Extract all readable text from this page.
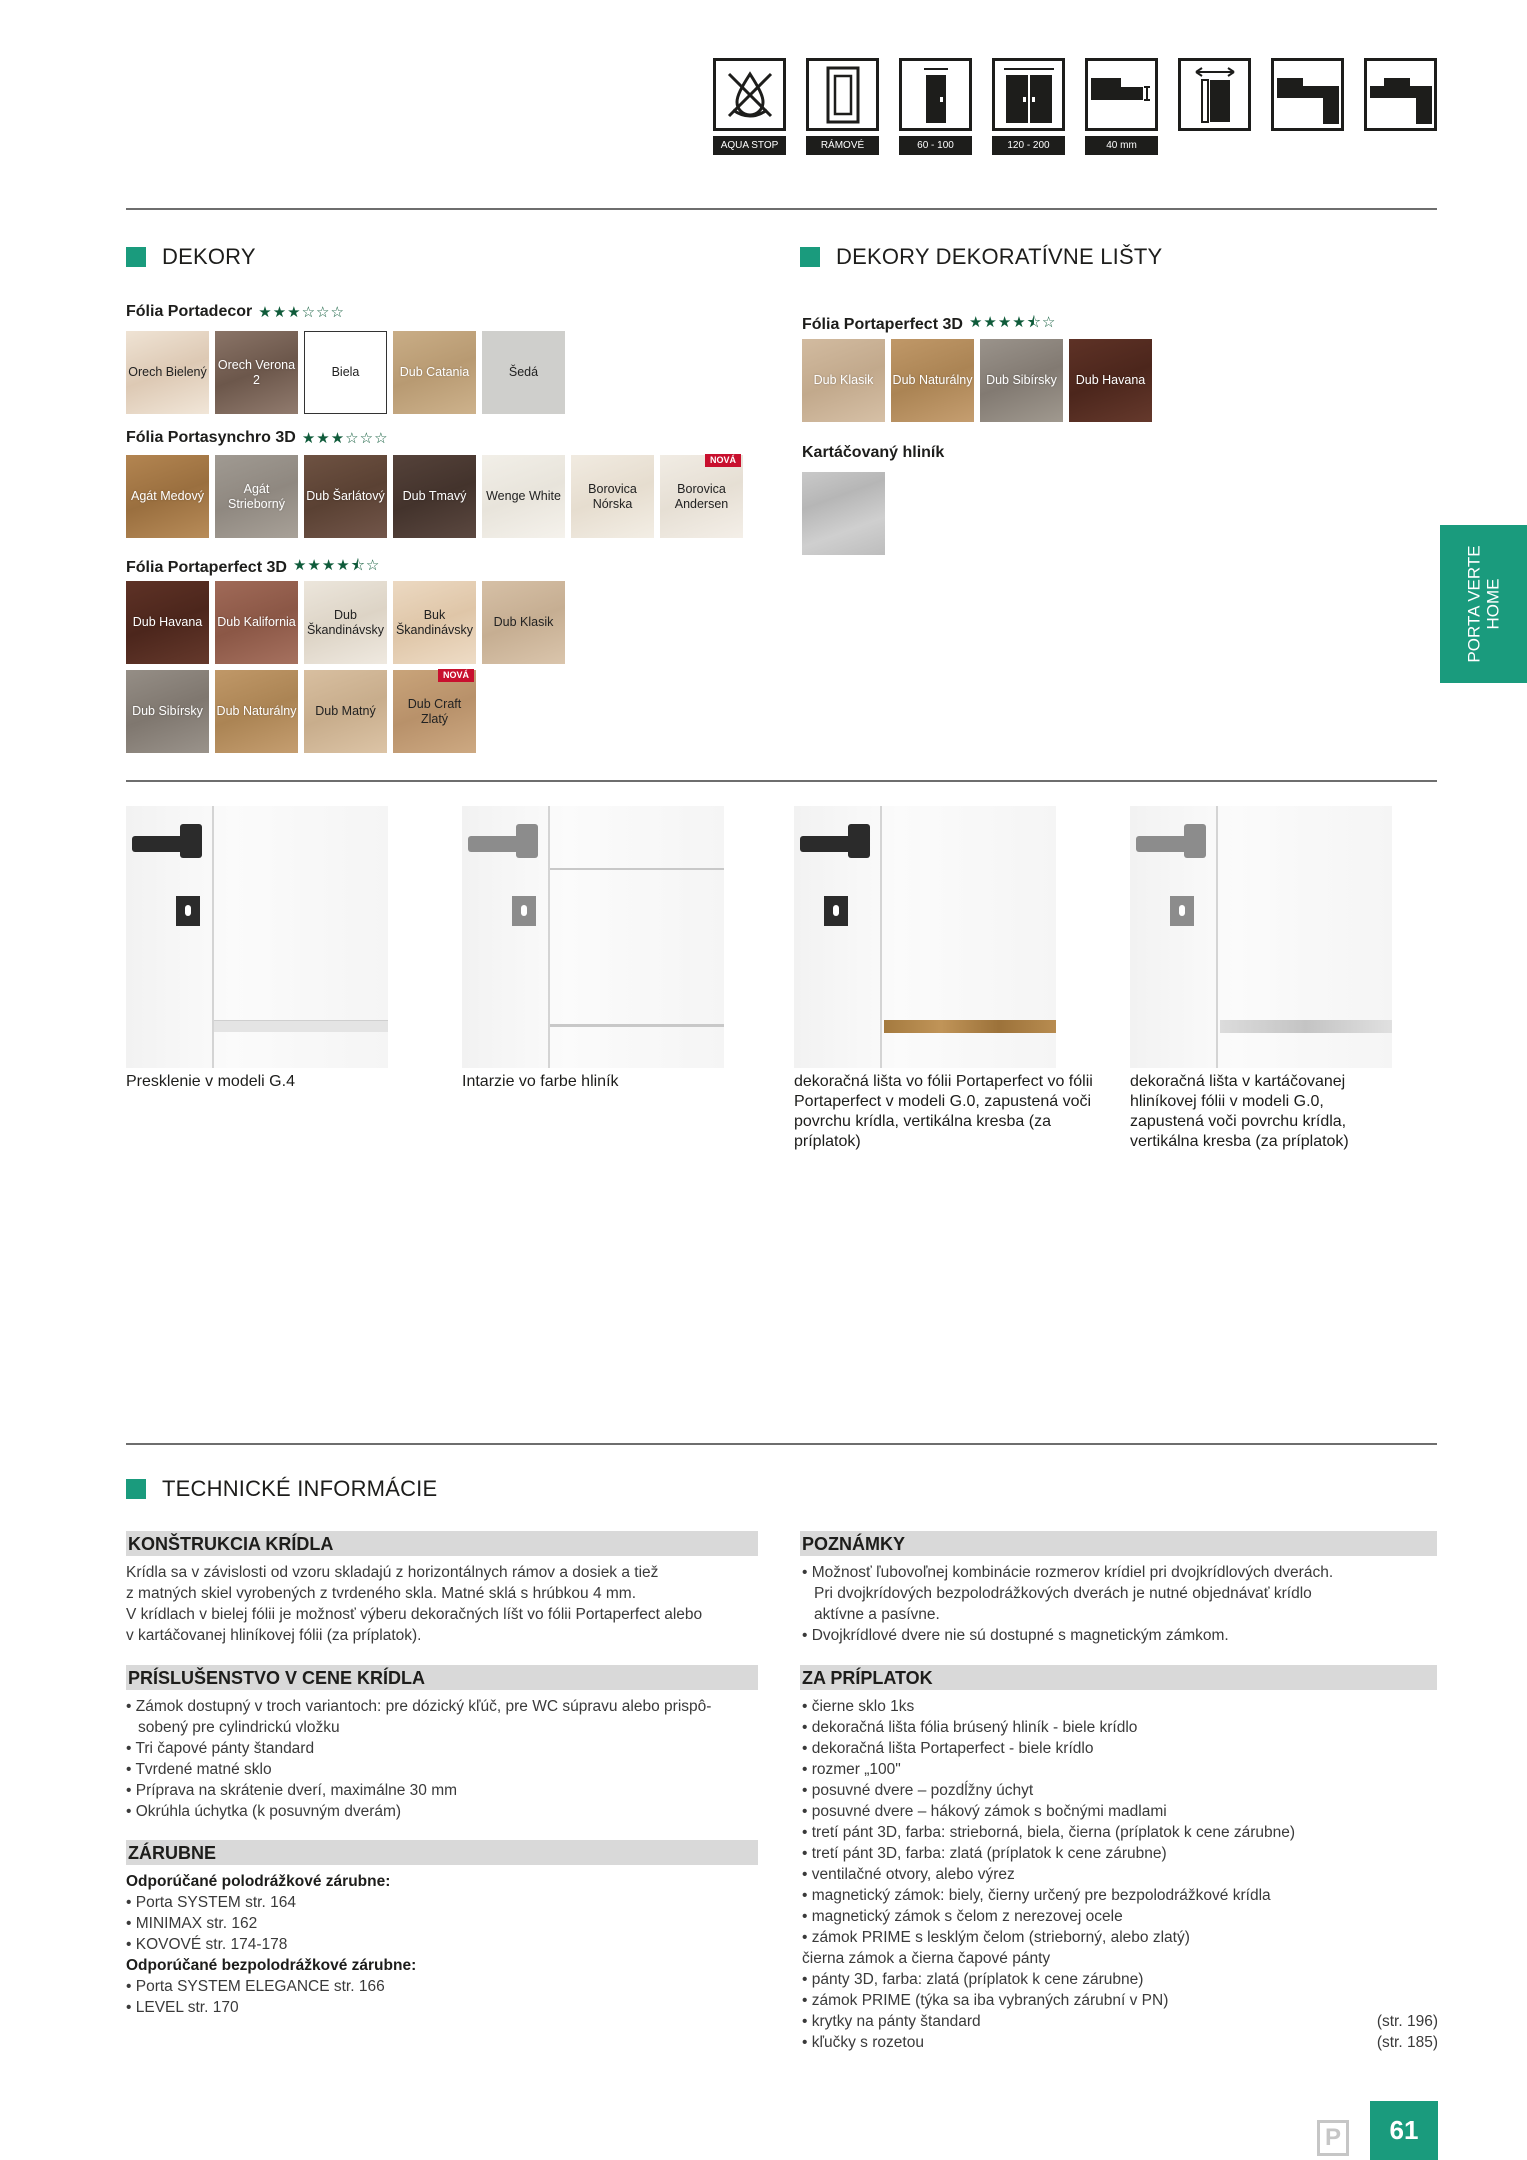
AQUA STOP	RÁMOVÉ	60 - 100	120 - 200	40 mm
DEKORY
Fólia Portadecor ★★★☆☆☆
Orech Bielený
Orech Verona 2
Biela	Dub Catania	Šedá
Fólia Portasynchro 3D ★★★☆☆☆
Agát Medový
Agát Strieborný
Dub Šarlátový Dub Tmavý Wenge White
Borovica Nórska
NOVÁ
Borovica Andersen
Fólia Portaperfect 3D ★★★★⯪☆
Dub Havana Dub Kalifornia
Dub Škandinávsky
Buk Škandinávsky
Dub Klasik
Dub Sibírsky Dub Naturálny Dub Matný
NOVÁ
Dub Craft Zlatý
DEKORY DEKORATÍVNE LIŠTY
Fólia Portaperfect 3D ★★★★⯪☆
Dub Klasik Dub Naturálny Dub Sibírsky Dub Havana
Kartáčovaný hliník
PORTA VERTE HOME
Presklenie v modeli G.4	Intarzie vo farbe hliník	dekoračná lišta vo fólii Portaperfect vo fólii Portaperfect v modeli G.0, zapustená voči povrchu krídla, vertikálna kresba (za príplatok)
dekoračná lišta v kartáčovanej hliníkovej fólii v modeli G.0, zapustená voči povrchu krídla, vertikálna kresba (za príplatok)
TECHNICKÉ INFORMÁCIE
KONŠTRUKCIA KRÍDLA
Krídla sa v závislosti od vzoru skladajú z horizontálnych rámov a dosiek a tiež
z matných skiel vyrobených z tvrdeného skla. Matné sklá s hrúbkou 4 mm.
V krídlach v bielej fólii je možnosť výberu dekoračných líšt vo fólii Portaperfect alebo
v kartáčovanej hliníkovej fólii (za príplatok).
PRÍSLUŠENSTVO V CENE KRÍDLA
• Zámok dostupný v troch variantoch: pre dózický kľúč, pre WC súpravu alebo prispô-sobený pre cylindrickú vložku
• Tri čapové pánty štandard
• Tvrdené matné sklo
• Príprava na skrátenie dverí, maximálne 30 mm
• Okrúhla úchytka (k posuvným dverám)
ZÁRUBNE
Odporúčané polodrážkové zárubne:
• Porta SYSTEM str. 164
• MINIMAX str. 162
• KOVOVÉ str. 174-178
Odporúčané bezpolodrážkové zárubne:
• Porta SYSTEM ELEGANCE str. 166
• LEVEL str. 170
POZNÁMKY
• Možnosť ľubovoľnej kombinácie rozmerov krídiel pri dvojkrídlových dverách. Pri dvojkrídových bezpolodrážkových dverách je nutné objednávať krídlo aktívne a pasívne.
• Dvojkrídlové dvere nie sú dostupné s magnetickým zámkom.
ZA PRÍPLATOK
• čierne sklo 1ks
• dekoračná lišta fólia brúsený hliník - biele krídlo
• dekoračná lišta Portaperfect - biele krídlo
• rozmer „100"
• posuvné dvere – pozdĺžny úchyt
• posuvné dvere – hákový zámok s bočnými madlami
• tretí pánt 3D, farba: strieborná, biela, čierna (príplatok k cene zárubne)
• tretí pánt 3D, farba: zlatá (príplatok k cene zárubne)
• ventilačné otvory, alebo výrez
• magnetický zámok: biely, čierny určený pre bezpolodrážkové krídla
• magnetický zámok s čelom z nerezovej ocele
• zámok PRIME s lesklým čelom (strieborný, alebo zlatý)
čierna zámok a čierna čapové pánty
• pánty 3D, farba: zlatá (príplatok k cene zárubne)
• zámok PRIME (týka sa iba vybraných zárubní v PN)
• krytky na pánty štandard	(str. 196)
• kľučky s rozetou	(str. 185)
P	61
